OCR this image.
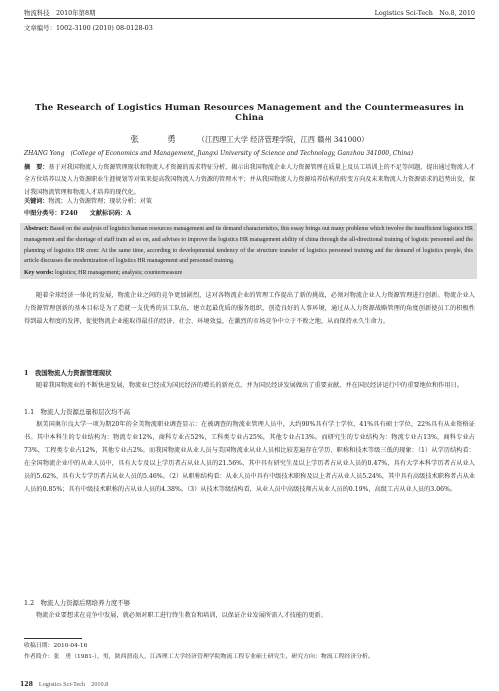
物流科技　2010年第8期	Logistics Sci-Tech　No.8, 2010
文章编号：1002-3100 (2010) 08-0128-03
The Research of Logistics Human Resources Management and the Countermeasures in China
张　勇 （江西理工大学 经济管理学院，江西 赣州 341000）
ZHANG Yong　(College of Economics and Management, Jiangxi University of Science and Technology, Ganzhou 341000, China)
摘　要：基于对我国物流人力资源管理现状和物流人才资源的需求特征分析，揭示出我国物流企业人力资源管理在质量上及员工培训上的不足等问题，提出通过物流人才全方位培养以及人力资源职业生涯规划等对策来提高我国物流人力资源的管理水平；并从我国物流人力资源培养结构的转变方向及未来物流人力资源需求的趋势出发，探讨我国物流管理和物流人才培养的现代化。
关键词：物流；人力资源管理；现状分析；对策
中图分类号：F240　　文献标识码：A
Abstract: Based on the analysis of logistics human resources management and its demand characteristics, this essay brings out many problems which involve the insufficient logistics HR management and the shortage of staff train ad so on, and advises to improve the logistics HR management ability of china through the all-directional training of logistic personnel and the planning of logistics HR creer. At the same time, according to developmental tendency of the structure transfer of logistics personnel training and the demand of logistics people, this article discusses the modernization of logistics HR management and personnel training.
Key words: logistics; HR management; analysis; countermeasure
随着全球经济一体化的发展，物流企业之间的竞争更加剧烈，这对各物流企业的管理工作提出了新的挑战，必须对物流企业人力资源管理进行创新。物流企业人力资源管理创新的基本目标是为了造就一支优秀的员工队伍，建立起最优质的服务组织，创造良好的人事环境，通过从人力资源战略管理的角度创新使员工的积极性得到最大程度的发挥，促使物流企业能取得最佳的经济、社会、环境效益，在激烈的市场竞争中立于不败之地，从而保持永久生命力。
1　我国物流人力资源管理现状
随着我国物流业的不断快速发展，物流业已经成为国民经济的增长的新亮点，并为国民经济发展做出了重要贡献，并在国民经济运行中的重要地位和作用日。
1.1　物流人力资源总量和层次均不高
据美国奥尔良大学一项为期20年的全美物流职业调查显示：在被调查的物流业管理人员中，大约90%具有学士学位，41%具有硕士学位，22%具有从业资格证书。其中本科生的专业结构为：物流专业12%，商科专业占52%，工科类专业占25%，其他专业占13%。而研究生的专业结构为：物流专业占13%，商科专业占73%，工程类专业占12%，其他专业占2%。而我国物流业从业人员与美国物流业从业人员相比较差遍存在学历、职称和技术等级三低的现象：（1）从学历结构看：在全国物流企业中的从业人员中，具有大专及以上学历者占从业人员的21.56%，其中具有研究生及以上学历者占从业人员的0.47%，具有大学本科学历者占从业人员的5.62%，具有大专学历者占从业人员的5.46%。（2）从职称结构看：从业人员中具有中级技术职称及以上者占从业人员5.24%，其中具有高级技术职称者占从业人员的0.85%；具有中级技术职称的占从业人员的4.38%。（3）从技术等级结构看，从业人员中高级技师占从业人员的0.19%，高级工占从业人员的3.06%。
1.2　物流人力资源后期培养力度不够
物流企业要想求在竞争中发展，就必须对职工进行终生教育和培训，以保证企业发展所需人才技能的更新。
收稿日期：2010-04-16
作者简介：张　勇（1981-），男，陕西渭南人，江西理工大学经济管理学院物流工程专业硕士研究生，研究方向：物流工程经济分析。
128 Logistics Sci-Tech　2010.8
